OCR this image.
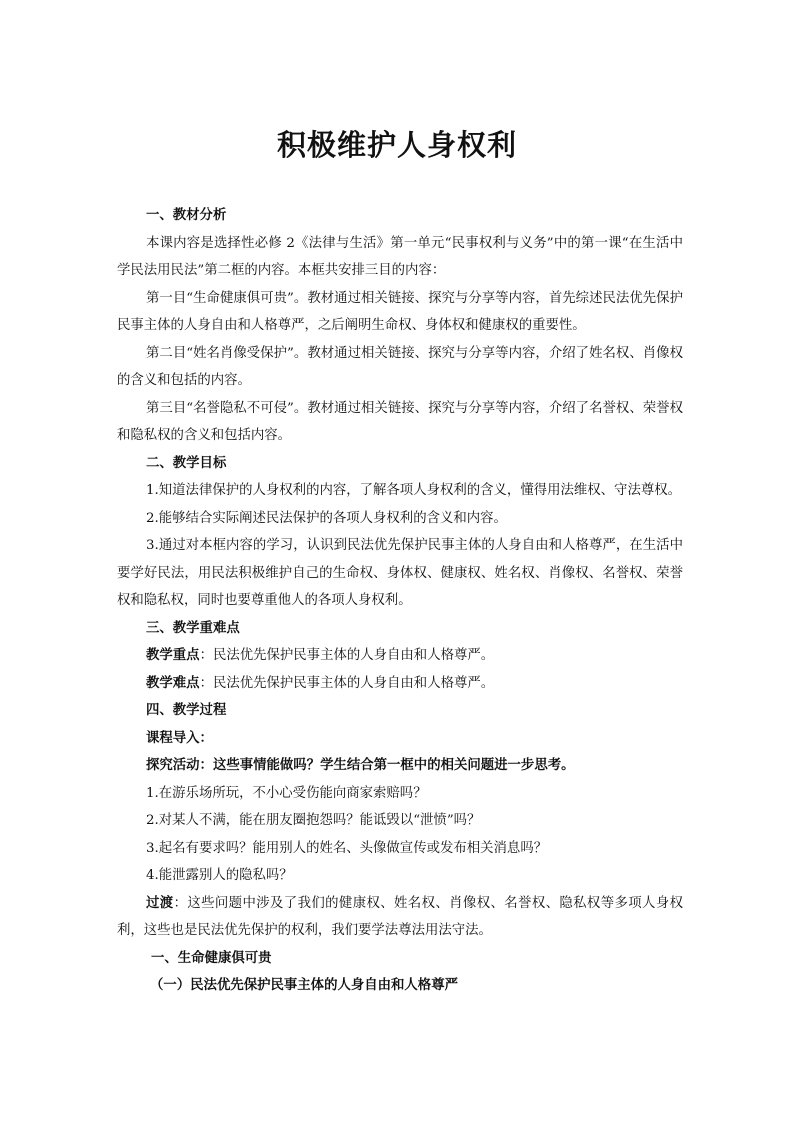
积极维护人身权利

一、教材分析

本课内容是选择性必修 2《法律与生活》第一单元“民事权利与义务”中的第一课“在生活中学民法用民法”第二框的内容。本框共安排三目的内容：

第一目“生命健康俱可贵”。教材通过相关链接、探究与分享等内容，首先综述民法优先保护民事主体的人身自由和人格尊严，之后阐明生命权、身体权和健康权的重要性。

第二目“姓名肖像受保护”。教材通过相关链接、探究与分享等内容，介绍了姓名权、肖像权的含义和包括的内容。

第三目“名誉隐私不可侵”。教材通过相关链接、探究与分享等内容，介绍了名誉权、荣誉权和隐私权的含义和包括内容。

二、教学目标

1.知道法律保护的人身权利的内容，了解各项人身权利的含义，懂得用法维权、守法尊权。

2.能够结合实际阐述民法保护的各项人身权利的含义和内容。

3.通过对本框内容的学习，认识到民法优先保护民事主体的人身自由和人格尊严，在生活中要学好民法，用民法积极维护自己的生命权、身体权、健康权、姓名权、肖像权、名誉权、荣誉权和隐私权，同时也要尊重他人的各项人身权利。

三、教学重难点

教学重点：民法优先保护民事主体的人身自由和人格尊严。

教学难点：民法优先保护民事主体的人身自由和人格尊严。

四、教学过程

课程导入：

探究活动：这些事情能做吗？学生结合第一框中的相关问题进一步思考。

1.在游乐场所玩，不小心受伤能向商家索赔吗？

2.对某人不满，能在朋友圈抱怨吗？能诋毁以“泄愤”吗？

3.起名有要求吗？能用别人的姓名、头像做宣传或发布相关消息吗？

4.能泄露别人的隐私吗？

过渡：这些问题中涉及了我们的健康权、姓名权、肖像权、名誉权、隐私权等多项人身权利，这些也是民法优先保护的权利，我们要学法尊法用法守法。

一、生命健康俱可贵

（一）民法优先保护民事主体的人身自由和人格尊严
